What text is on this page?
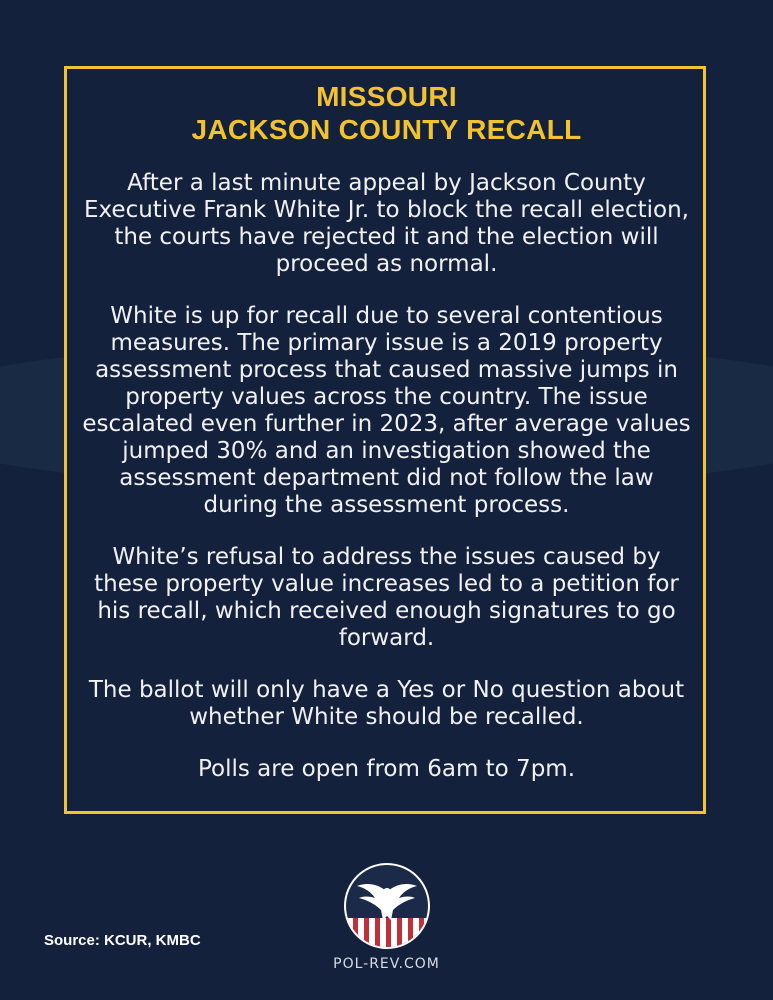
MISSOURI
JACKSON COUNTY RECALL

After a last minute appeal by Jackson County Executive Frank White Jr. to block the recall election, the courts have rejected it and the election will proceed as normal.

White is up for recall due to several contentious measures. The primary issue is a 2019 property assessment process that caused massive jumps in property values across the country. The issue escalated even further in 2023, after average values jumped 30% and an investigation showed the assessment department did not follow the law during the assessment process.

White’s refusal to address the issues caused by these property value increases led to a petition for his recall, which received enough signatures to go forward.

The ballot will only have a Yes or No question about whether White should be recalled.

Polls are open from 6am to 7pm.

Source: KCUR, KMBC
POL-REV.COM
